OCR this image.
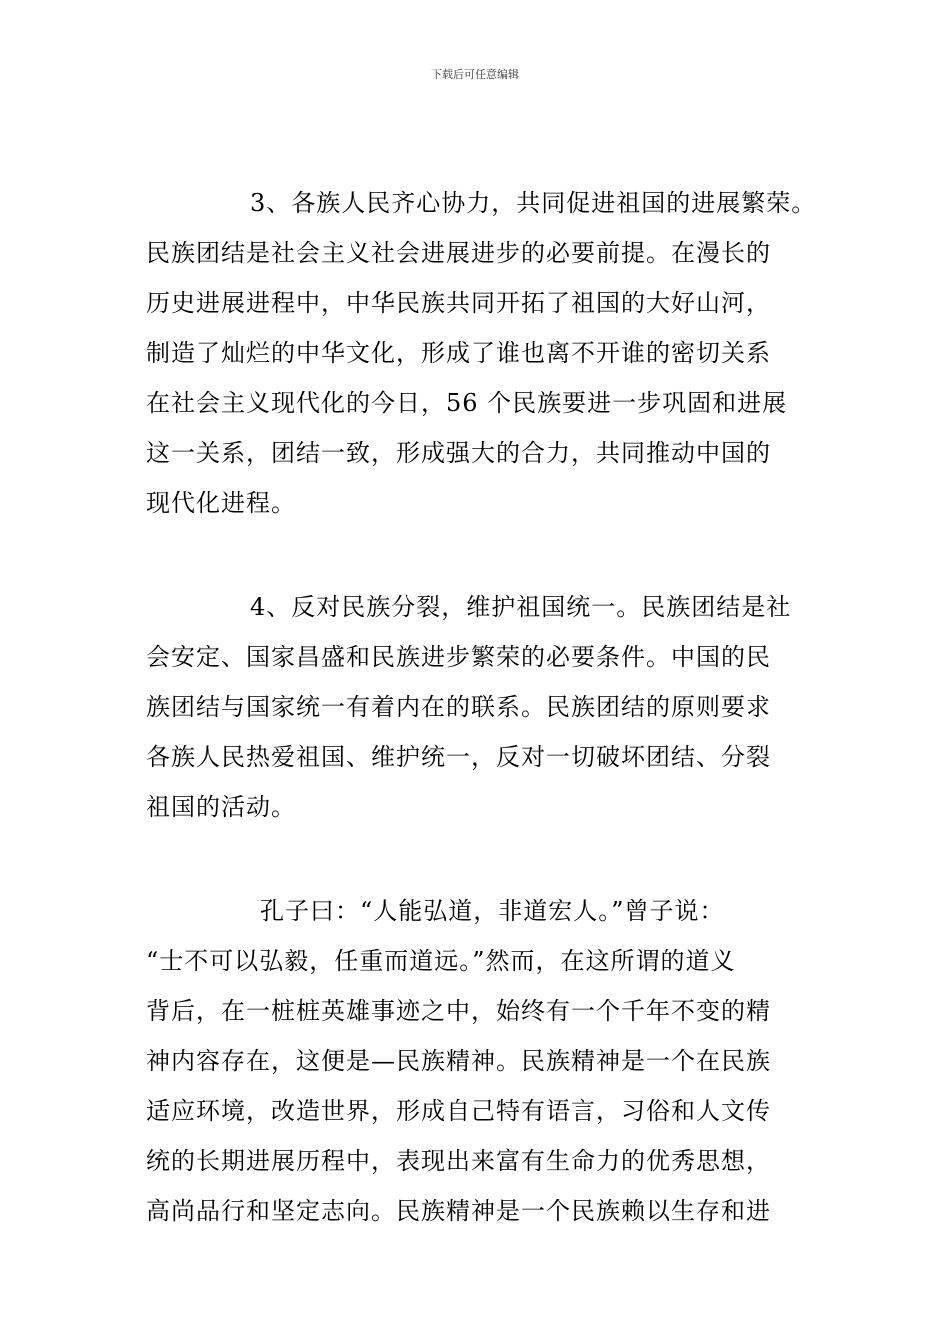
下载后可任意编辑
3、各族人民齐心协力，共同促进祖国的进展繁荣。
民族团结是社会主义社会进展进步的必要前提。在漫长的
历史进展进程中，中华民族共同开拓了祖国的大好山河，
制造了灿烂的中华文化，形成了谁也离不开谁的密切关系
在社会主义现代化的今日，56 个民族要进一步巩固和进展
这一关系，团结一致，形成强大的合力，共同推动中国的
现代化进程。
4、反对民族分裂，维护祖国统一。民族团结是社
会安定、国家昌盛和民族进步繁荣的必要条件。中国的民
族团结与国家统一有着内在的联系。民族团结的原则要求
各族人民热爱祖国、维护统一，反对一切破坏团结、分裂
祖国的活动。
孔子曰：“人能弘道，非道宏人。”曾子说：
“士不可以弘毅，任重而道远。”然而，在这所谓的道义
背后，在一桩桩英雄事迹之中，始终有一个千年不变的精
神内容存在，这便是—民族精神。民族精神是一个在民族
适应环境，改造世界，形成自己特有语言，习俗和人文传
统的长期进展历程中，表现出来富有生命力的优秀思想，
高尚品行和坚定志向。民族精神是一个民族赖以生存和进
